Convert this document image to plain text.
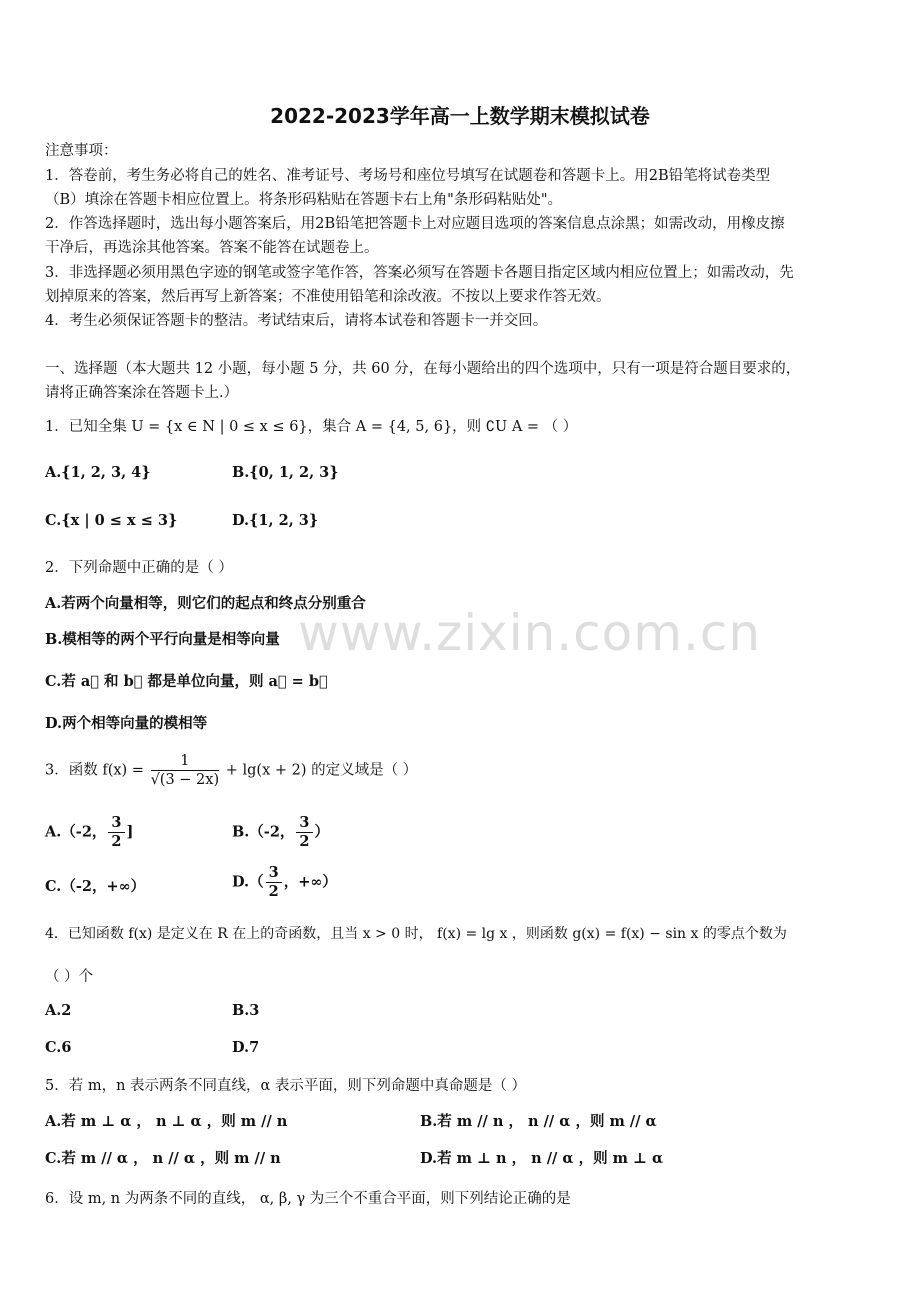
2022-2023学年高一上数学期末模拟试卷
注意事项：
1．答卷前，考生务必将自己的姓名、准考证号、考场号和座位号填写在试题卷和答题卡上。用2B铅笔将试卷类型
（B）填涂在答题卡相应位置上。将条形码粘贴在答题卡右上角"条形码粘贴处"。
2．作答选择题时，选出每小题答案后，用2B铅笔把答题卡上对应题目选项的答案信息点涂黑；如需改动，用橡皮擦
干净后，再选涂其他答案。答案不能答在试题卷上。
3．非选择题必须用黑色字迹的钢笔或签字笔作答，答案必须写在答题卡各题目指定区域内相应位置上；如需改动，先
划掉原来的答案，然后再写上新答案；不准使用铅笔和涂改液。不按以上要求作答无效。
4．考生必须保证答题卡的整洁。考试结束后，请将本试卷和答题卡一并交回。
一、选择题（本大题共 12 小题，每小题 5 分，共 60 分，在每小题给出的四个选项中，只有一项是符合题目要求的，
请将正确答案涂在答题卡上.）
1．已知全集 U = {x ∈ N | 0 ≤ x ≤ 6}，集合 A = {4, 5, 6}，则 ∁U A = （ ）
A.{1, 2, 3, 4}	B.{0, 1, 2, 3}
C.{x | 0 ≤ x ≤ 3}	D.{1, 2, 3}
2．下列命题中正确的是（ ）
A.若两个向量相等，则它们的起点和终点分别重合
B.模相等的两个平行向量是相等向量
C.若 a⃗ 和 b⃗ 都是单位向量，则 a⃗ = b⃗
D.两个相等向量的模相等
www.zixin.com.cn
3．函数 $f(x) = \frac{1}{√(3 - 2x)} + \lg(x + 2)$ 的定义域是（ ）
A.（-2， $\frac{3}{2}$ ]	B.（-2， $\frac{3}{2}$ ）
C.（-2，+∞）	$D.( \frac{3}{2}$ ，+∞）
4．已知函数 f(x) 是定义在 R 在上的奇函数，且当 x > 0 时， f(x) = lg x ，则函数 g(x) = f(x) − sin x 的零点个数为
（ ）个
A.2	B.3
C.6	D.7
5．若 m，n 表示两条不同直线，α 表示平面，则下列命题中真命题是（ ）
A.若 m ⊥ α ， n ⊥ α ，则 m // n	B.若 m // n ， n // α ，则 m // α
C.若 m // α ， n // α ，则 m // n	D.若 m ⊥ n ， n // α ，则 m ⊥ α
6．设 m, n 为两条不同的直线， α, β, γ 为三个不重合平面，则下列结论正确的是
